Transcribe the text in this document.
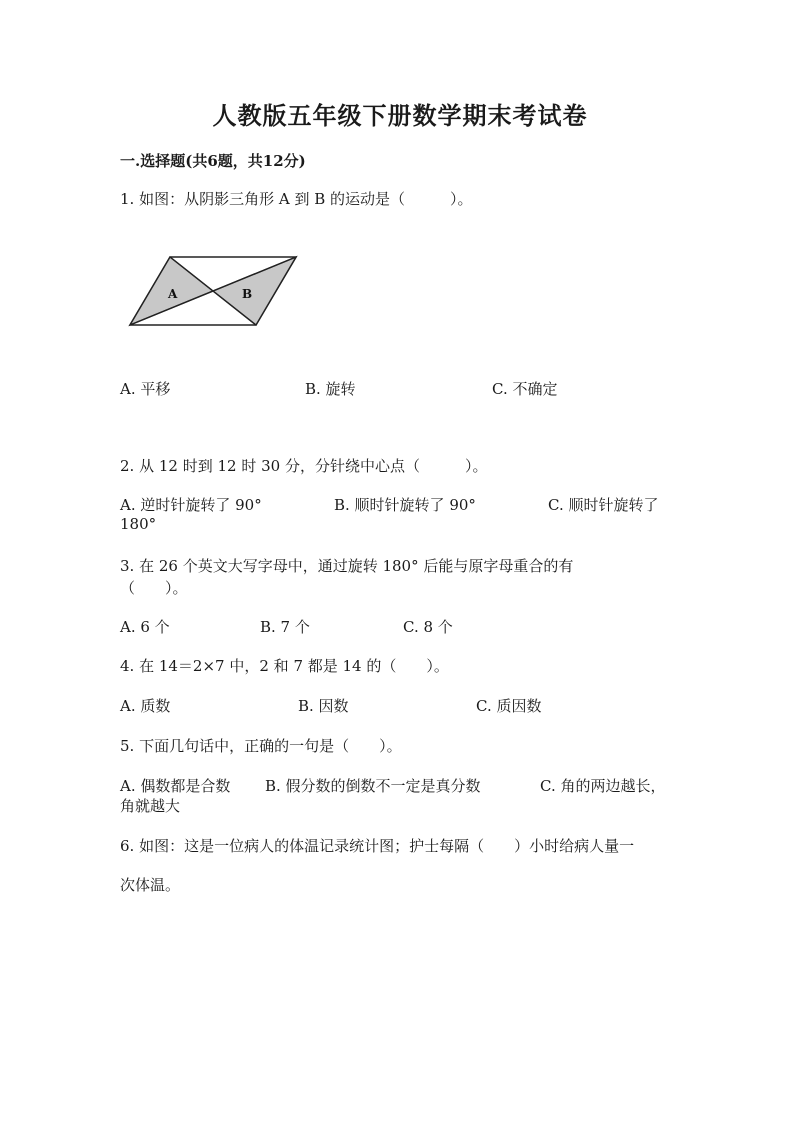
人教版五年级下册数学期末考试卷
一.选择题(共6题，共12分)
1. 如图：从阴影三角形 A 到 B 的运动是（　　　）。
A	B
A. 平移	B. 旋转	C. 不确定
2. 从 12 时到 12 时 30 分，分针绕中心点（　　　）。
A. 逆时针旋转了 90°	B. 顺时针旋转了 90°	C. 顺时针旋转了
180°
3. 在 26 个英文大写字母中，通过旋转 180° 后能与原字母重合的有
（　　）。
A. 6 个	B. 7 个	C. 8 个
4. 在 14＝2×7 中，2 和 7 都是 14 的（　　）。
A. 质数	B. 因数	C. 质因数
5. 下面几句话中，正确的一句是（　　）。
A. 偶数都是合数 B. 假分数的倒数不一定是真分数	C. 角的两边越长，
角就越大
6. 如图：这是一位病人的体温记录统计图；护士每隔（　　）小时给病人量一
次体温。
